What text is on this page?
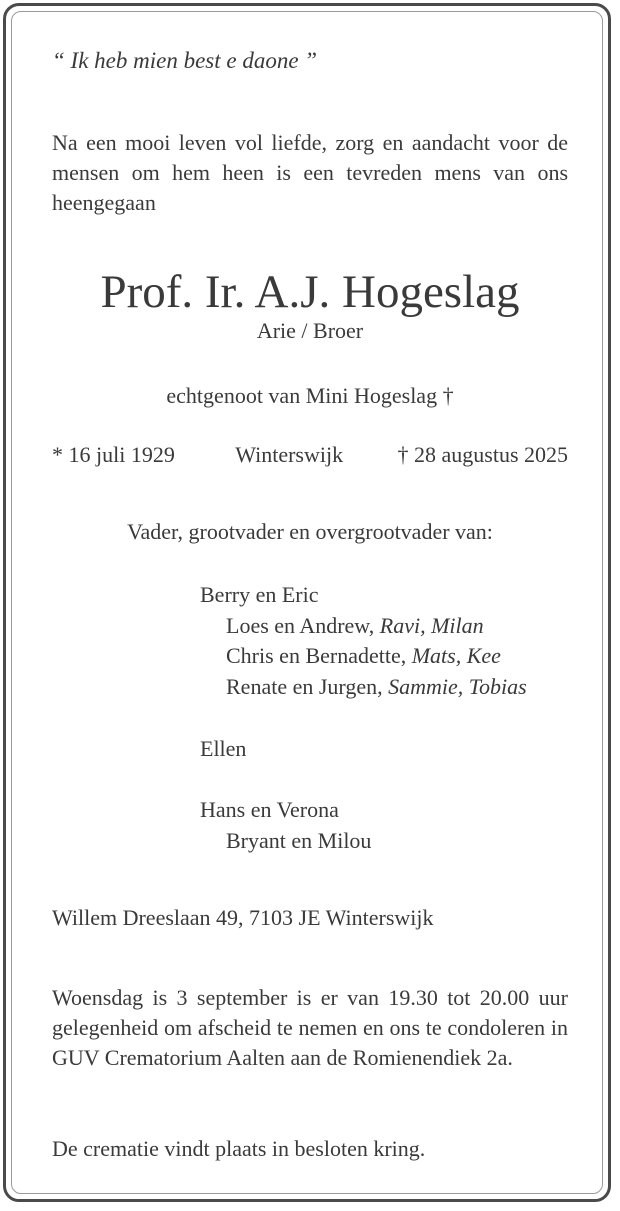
“ Ik heb mien best e daone ”
Na een mooi leven vol liefde, zorg en aandacht voor de mensen om hem heen is een tevreden mens van ons heengegaan
Prof. Ir. A.J. Hogeslag
Arie / Broer
echtgenoot van Mini Hogeslag †
* 16 juli 1929	Winterswijk † 28 augustus 2025
Vader, grootvader en overgrootvader van:
Berry en Eric
Loes en Andrew, Ravi, Milan
Chris en Bernadette, Mats, Kee
Renate en Jurgen, Sammie, Tobias
Ellen
Hans en Verona
Bryant en Milou
Willem Dreeslaan 49, 7103 JE Winterswijk
Woensdag is 3 september is er van 19.30 tot 20.00 uur gelegenheid om afscheid te nemen en ons te condoleren in GUV Crematorium Aalten aan de Romienendiek 2a.
De crematie vindt plaats in besloten kring.
